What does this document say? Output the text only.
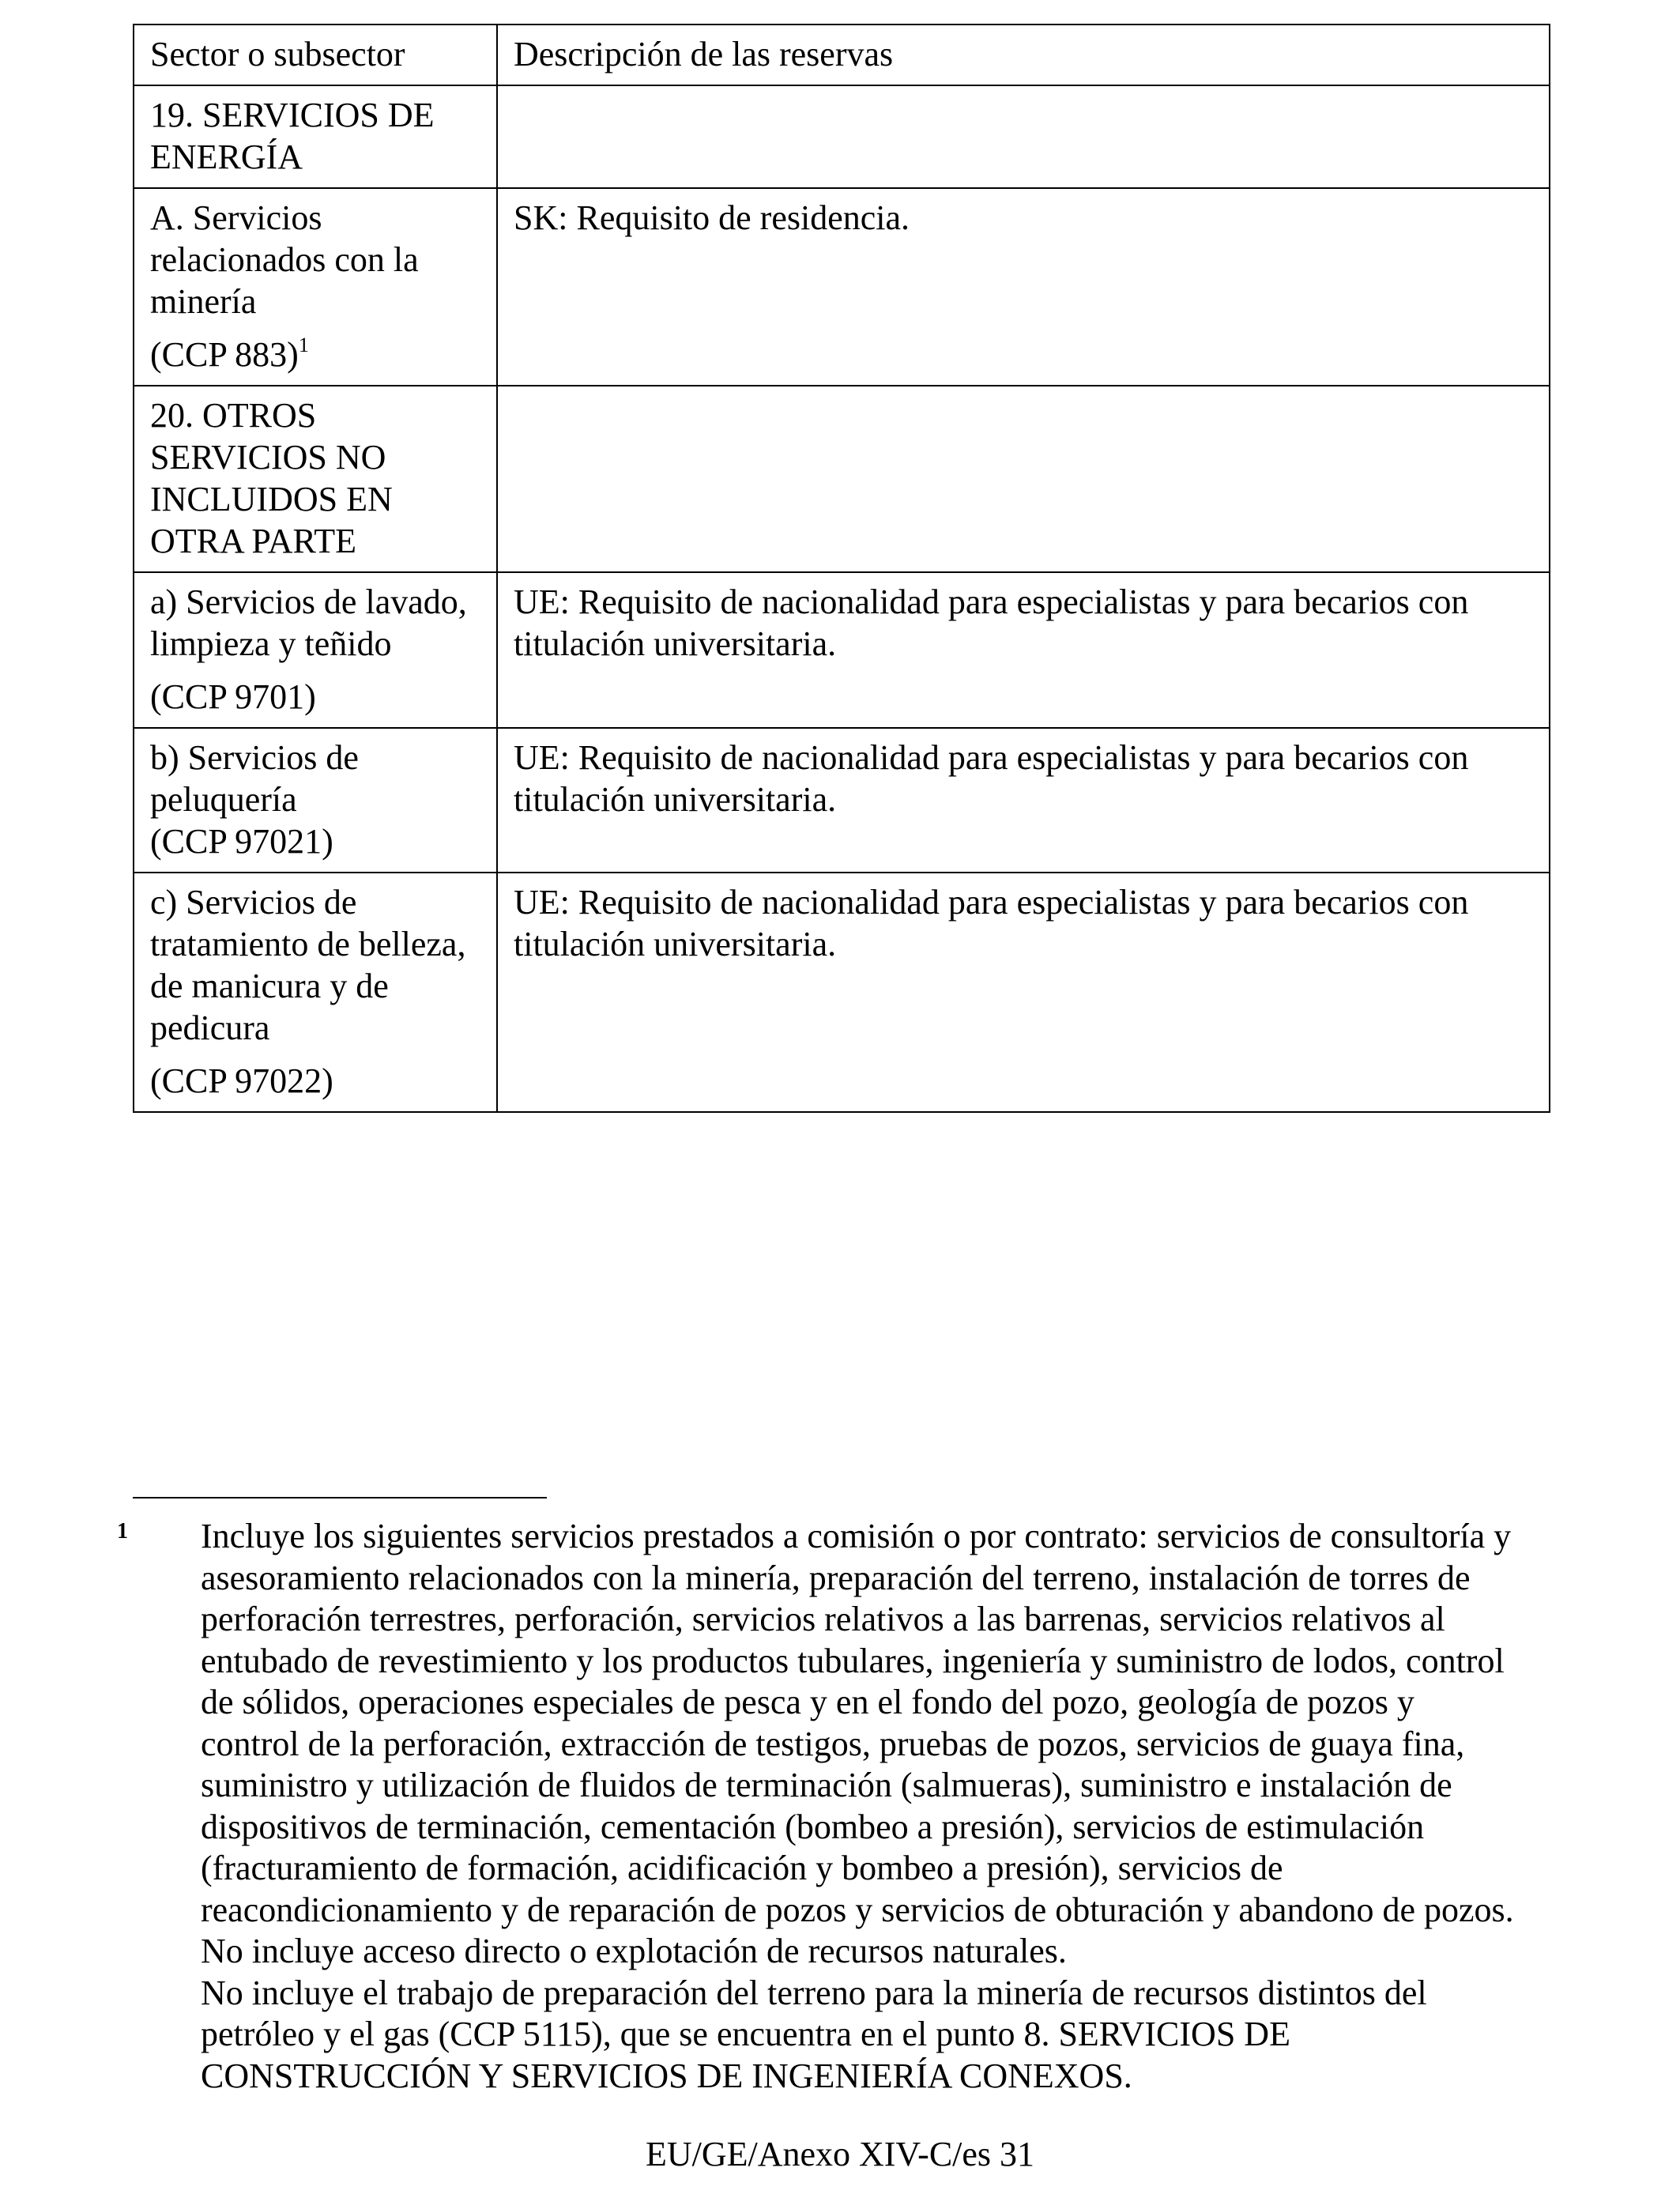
Sector o subsector	Descripción de las reservas

19. SERVICIOS DE
ENERGÍA	

A. Servicios
relacionados con la
minería
(CCP 883)$^1$	SK: Requisito de residencia.

20. OTROS
SERVICIOS NO
INCLUIDOS EN
OTRA PARTE	

a) Servicios de lavado,
limpieza y teñido
(CCP 9701)	UE: Requisito de nacionalidad para especialistas y para becarios con
titulación universitaria.

b) Servicios de
peluquería
(CCP 97021)	UE: Requisito de nacionalidad para especialistas y para becarios con
titulación universitaria.

c) Servicios de
tratamiento de belleza,
de manicura y de
pedicura
(CCP 97022)	UE: Requisito de nacionalidad para especialistas y para becarios con
titulación universitaria.
1 Incluye los siguientes servicios prestados a comisión o por contrato: servicios de consultoría y
asesoramiento relacionados con la minería, preparación del terreno, instalación de torres de
perforación terrestres, perforación, servicios relativos a las barrenas, servicios relativos al
entubado de revestimiento y los productos tubulares, ingeniería y suministro de lodos, control
de sólidos, operaciones especiales de pesca y en el fondo del pozo, geología de pozos y
control de la perforación, extracción de testigos, pruebas de pozos, servicios de guaya fina,
suministro y utilización de fluidos de terminación (salmueras), suministro e instalación de
dispositivos de terminación, cementación (bombeo a presión), servicios de estimulación
(fracturamiento de formación, acidificación y bombeo a presión), servicios de
reacondicionamiento y de reparación de pozos y servicios de obturación y abandono de pozos.
No incluye acceso directo o explotación de recursos naturales.
No incluye el trabajo de preparación del terreno para la minería de recursos distintos del
petróleo y el gas (CCP 5115), que se encuentra en el punto 8. SERVICIOS DE
CONSTRUCCIÓN Y SERVICIOS DE INGENIERÍA CONEXOS.
EU/GE/Anexo XIV-C/es 31
